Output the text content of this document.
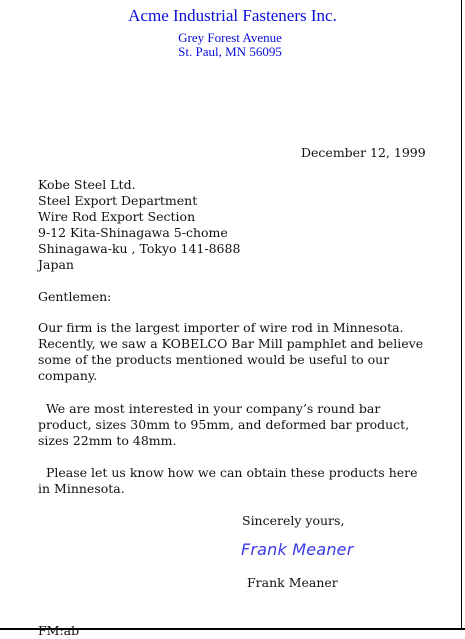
Acme Industrial Fasteners Inc.
Grey Forest Avenue
St. Paul, MN 56095
December 12, 1999
Kobe Steel Ltd.
Steel Export Department
Wire Rod Export Section
9-12 Kita-Shinagawa 5-chome
Shinagawa-ku , Tokyo 141-8688
Japan
Gentlemen:
Our firm is the largest importer of wire rod in Minnesota.
Recently, we saw a KOBELCO Bar Mill pamphlet and believe
some of the products mentioned would be useful to our
company.
We are most interested in your company’s round bar
product, sizes 30mm to 95mm, and deformed bar product,
sizes 22mm to 48mm.
Please let us know how we can obtain these products here
in Minnesota.
Sincerely yours,
Frank Meaner
Frank Meaner
FM:ab
